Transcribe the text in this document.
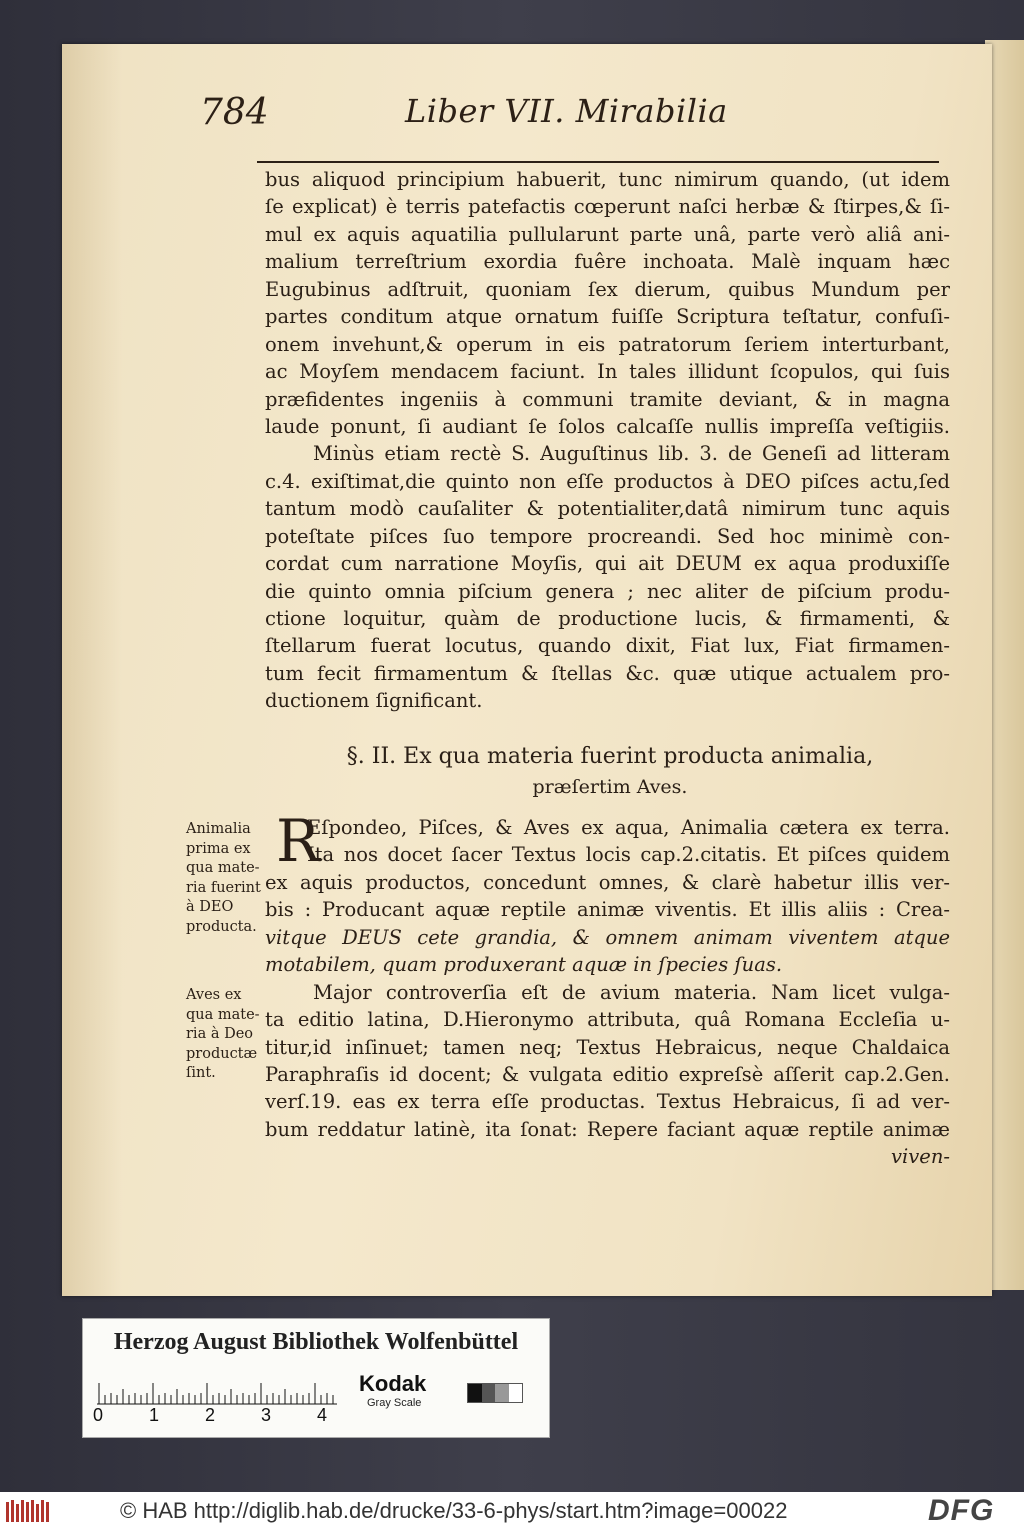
784	Liber VII. Mirabilia
bus aliquod principium habuerit, tunc nimirum quando, (ut idem
ſe explicat) è terris patefactis cœperunt naſci herbæ & ſtirpes,& ſi-
mul ex aquis aquatilia pullularunt parte unâ, parte verò aliâ ani-
malium terreſtrium exordia fuêre inchoata. Malè inquam hæc
Eugubinus adſtruit, quoniam ſex dierum, quibus Mundum per
partes conditum atque ornatum fuiſſe Scriptura teſtatur, confuſi-
onem invehunt,& operum in eis patratorum ſeriem interturbant,
ac Moyſem mendacem faciunt. In tales illidunt ſcopulos, qui ſuis
præfidentes ingeniis à communi tramite deviant, & in magna
laude ponunt, ſi audiant ſe ſolos calcaſſe nullis impreſſa veſtigiis.
Minùs etiam rectè S. Auguſtinus lib. 3. de Geneſi ad litteram
c.4. exiſtimat,die quinto non eſſe productos à DEO piſces actu,ſed
tantum modò cauſaliter & potentialiter,datâ nimirum tunc aquis
poteſtate piſces ſuo tempore procreandi. Sed hoc minimè con-
cordat cum narratione Moyſis, qui ait DEUM ex aqua produxiſſe
die quinto omnia piſcium genera ; nec aliter de piſcium produ-
ctione loquitur, quàm de productione lucis, & firmamenti, &
ſtellarum fuerat locutus, quando dixit, Fiat lux, Fiat firmamen-
tum fecit firmamentum & ſtellas &c. quæ utique actualem pro-
ductionem ſignificant.
§. II. Ex qua materia fuerint producta animalia,
præſertim Aves.
R
Eſpondeo, Piſces, & Aves ex aqua, Animalia cætera ex terra.
Ita nos docet ſacer Textus locis cap.2.citatis. Et piſces quidem
ex aquis productos, concedunt omnes, & clarè habetur illis ver-
bis : Producant aquæ reptile animæ viventis. Et illis aliis : Crea-
vitque DEUS cete grandia, & omnem animam viventem atque
motabilem, quam produxerant aquæ in ſpecies ſuas.
Major controverſia eſt de avium materia. Nam licet vulga-
ta editio latina, D.Hieronymo attributa, quâ Romana Eccleſia u-
titur,id inſinuet; tamen neq; Textus Hebraicus, neque Chaldaica
Paraphraſis id docent; & vulgata editio expreſsè aſſerit cap.2.Gen.
verſ.19. eas ex terra eſſe productas. Textus Hebraicus, ſi ad ver-
bum reddatur latinè, ita ſonat: Repere faciant aquæ reptile animæ
viven-
Animalia
prima ex
qua mate-
ria fuerint
à DEO
producta.
Aves ex
qua mate-
ria à Deo
productæ
ſint.
Herzog August Bibliothek Wolfenbüttel
0	1	2	3	4
Kodak
Gray Scale
© HAB http://diglib.hab.de/drucke/33-6-phys/start.htm?image=00022	DFG
